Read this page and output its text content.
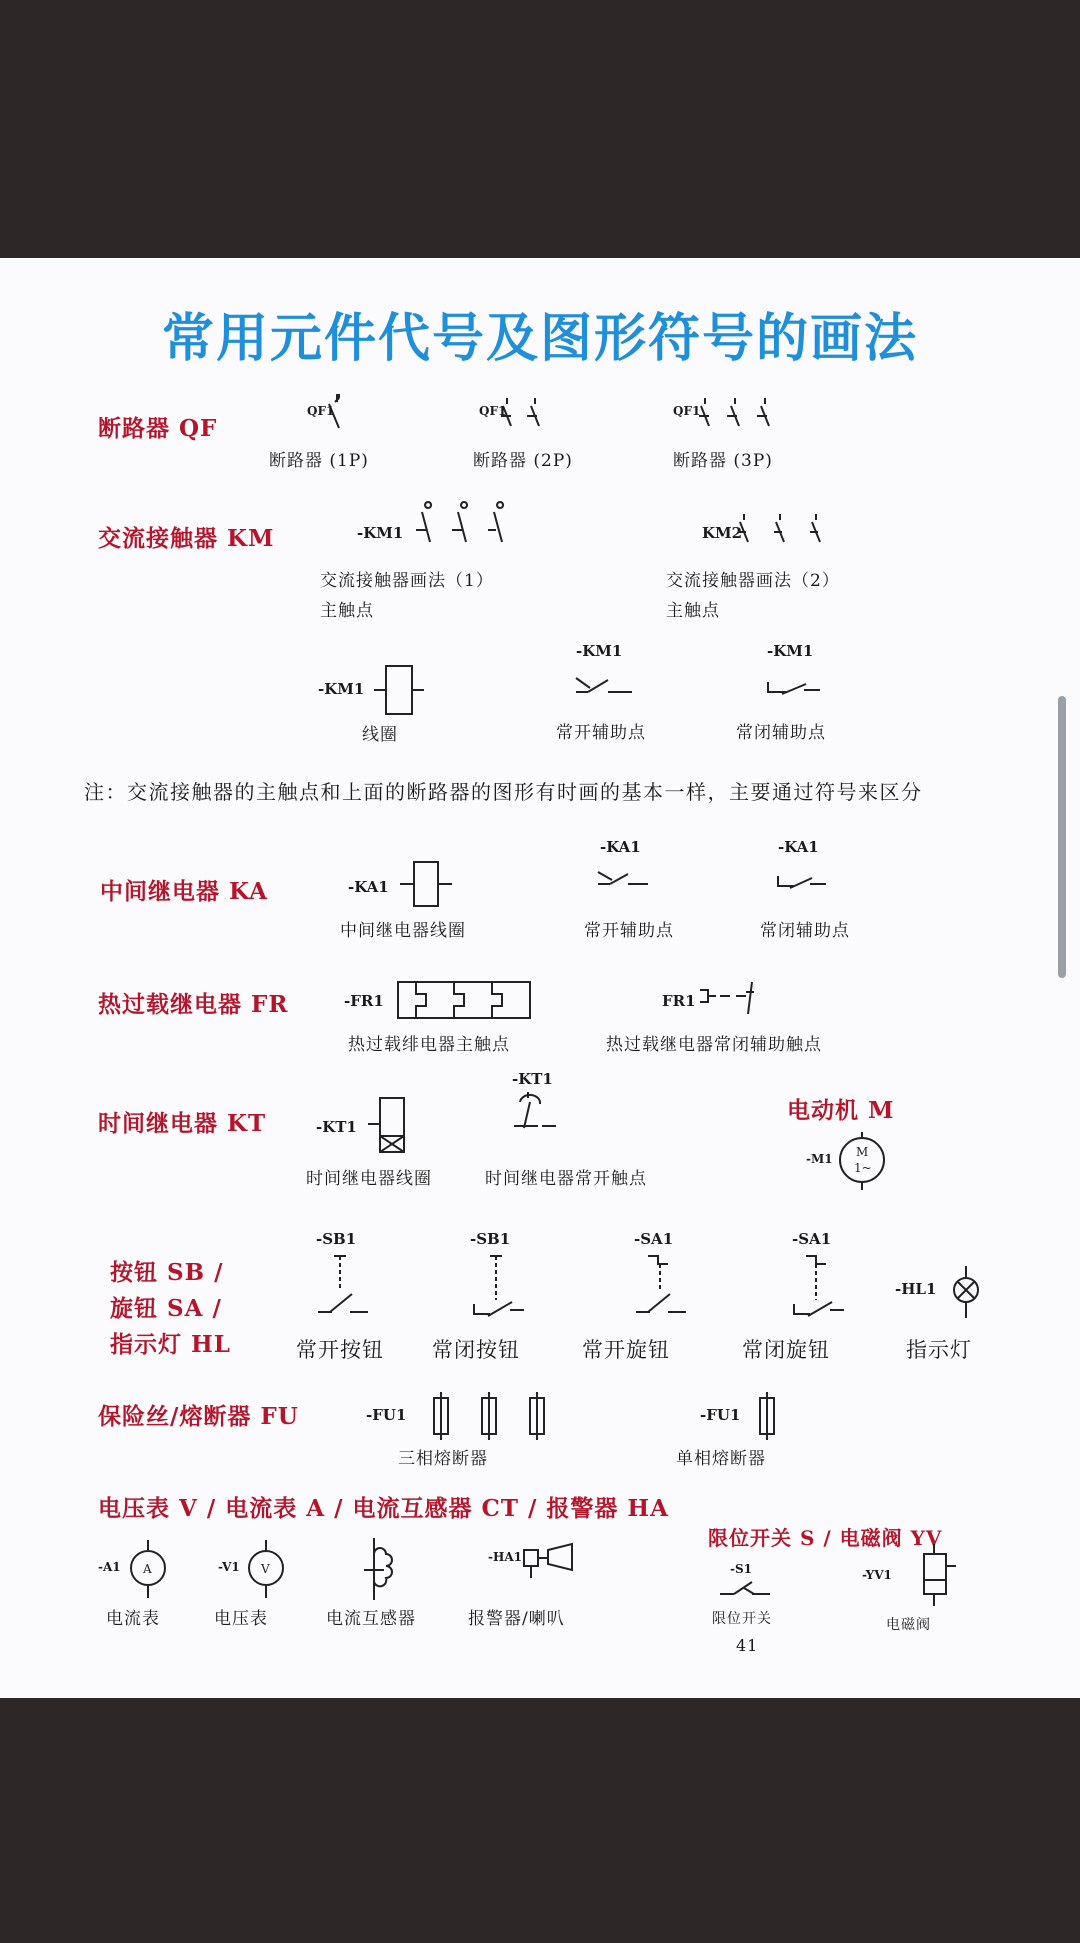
常用元件代号及图形符号的画法
断路器 QF
QF1	QF1	QF1
断路器 (1P)	断路器 (2P)	断路器 (3P)
交流接触器 KM	-KM1	KM2
交流接触器画法（1）	交流接触器画法（2）
主触点	主触点
-KM1
线圈
-KM1
常开辅助点
-KM1
常闭辅助点
注：交流接触器的主触点和上面的断路器的图形有时画的基本一样，主要通过符号来区分
中间继电器 KA	-KA1
中间继电器线圈
-KA1
常开辅助点
-KA1
常闭辅助点
热过载继电器 FR	-FR1
热过载绯电器主触点
FR1
热过载继电器常闭辅助触点
时间继电器 KT	-KT1
时间继电器线圈
-KT1
时间继电器常开触点
电动机 M
-M1 M
1~
按钮 SB /
旋钮 SA /
指示灯 HL
-SB1
常开按钮
-SB1
常闭按钮
-SA1
常开旋钮
-SA1
常闭旋钮
-HL1
指示灯
保险丝/熔断器 FU	-FU1
三相熔断器
-FU1
单相熔断器
电压表 V / 电流表 A / 电流互感器 CT / 报警器 HA
-A1 A
电流表
-V1 V
电压表	电流互感器
-HA1
报警器/喇叭
限位开关 S / 电磁阀 YV
-S1
限位开关
-YV1
电磁阀
41
